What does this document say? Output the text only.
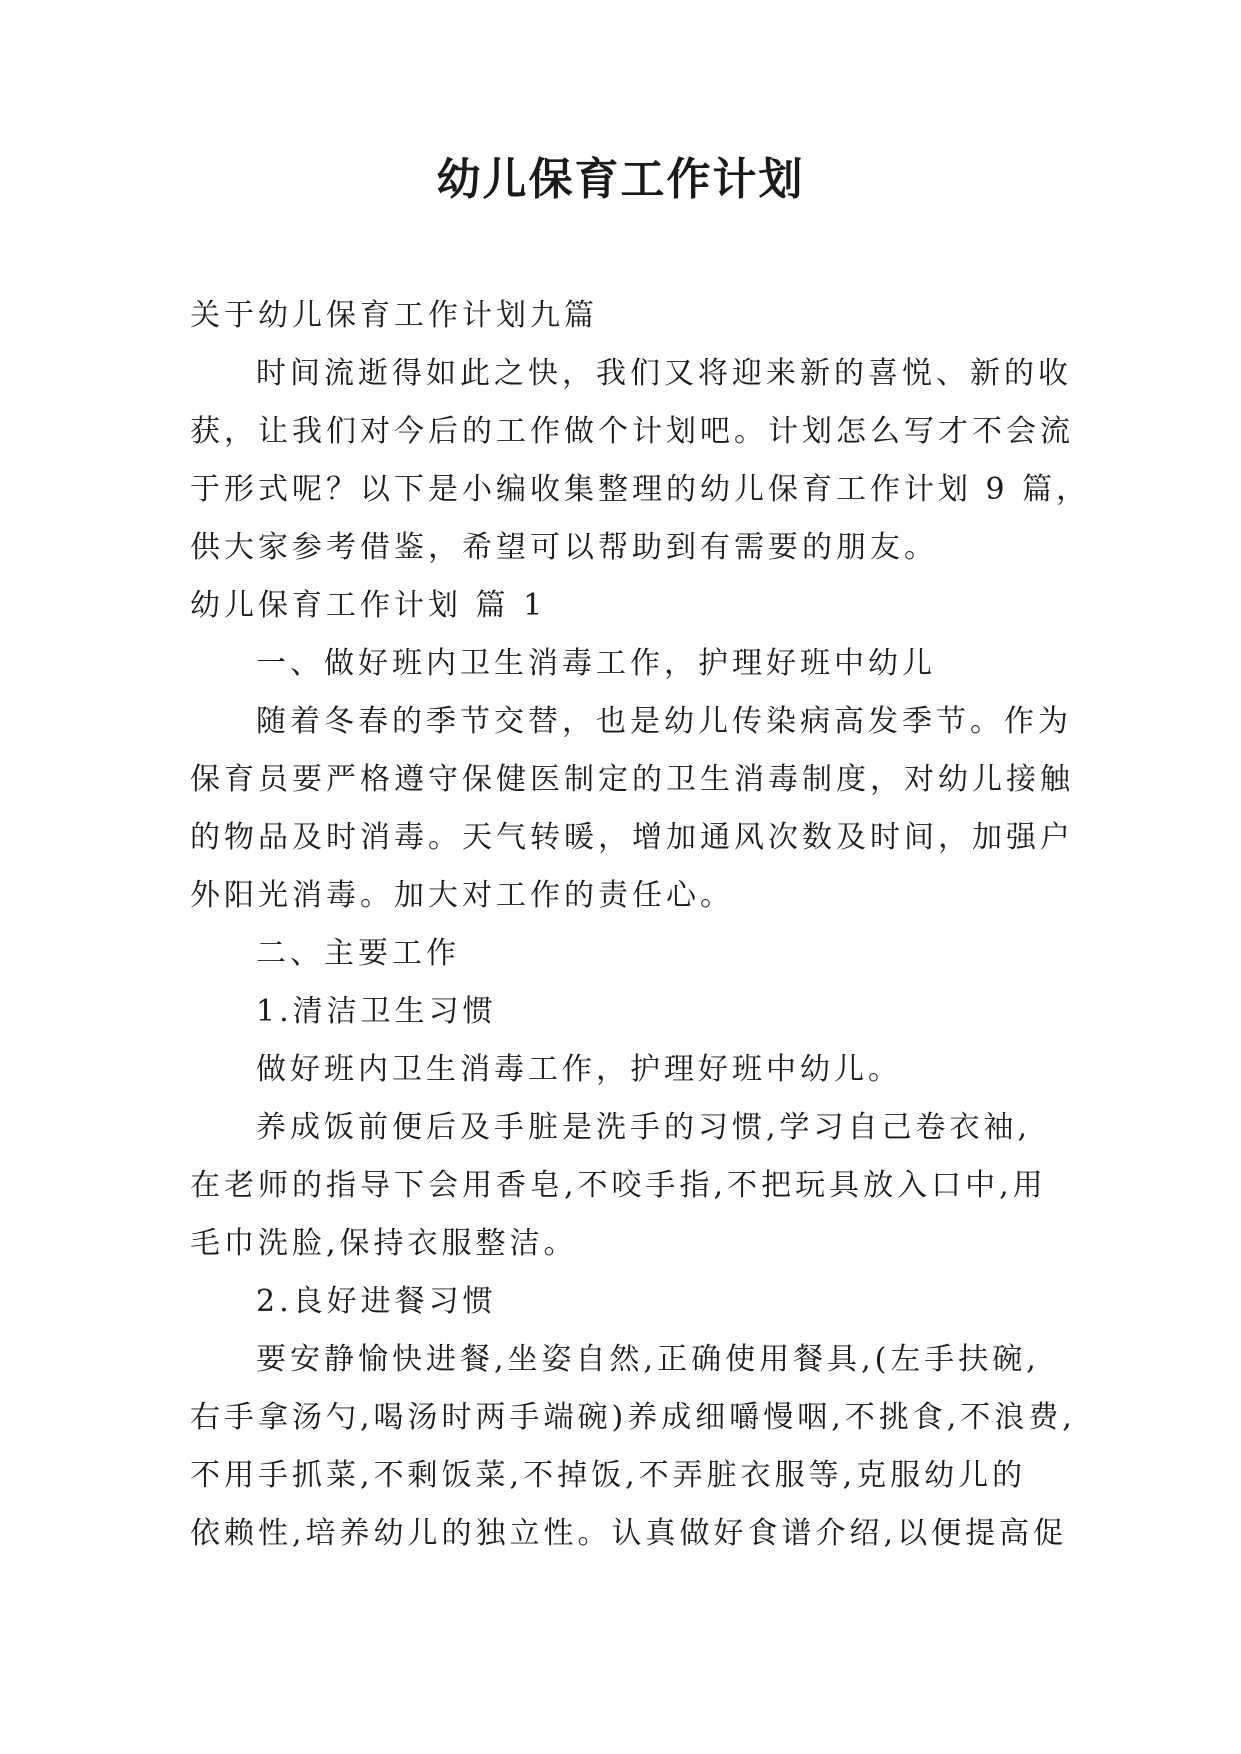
幼儿保育工作计划

关于幼儿保育工作计划九篇

时间流逝得如此之快，我们又将迎来新的喜悦、新的收

获，让我们对今后的工作做个计划吧。计划怎么写才不会流

于形式呢？以下是小编收集整理的幼儿保育工作计划 9 篇，

供大家参考借鉴，希望可以帮助到有需要的朋友。

幼儿保育工作计划 篇 1

一、做好班内卫生消毒工作，护理好班中幼儿

随着冬春的季节交替，也是幼儿传染病高发季节。作为

保育员要严格遵守保健医制定的卫生消毒制度，对幼儿接触

的物品及时消毒。天气转暖，增加通风次数及时间，加强户

外阳光消毒。加大对工作的责任心。

二、主要工作

1.清洁卫生习惯

做好班内卫生消毒工作，护理好班中幼儿。

养成饭前便后及手脏是洗手的习惯,学习自己卷衣袖,

在老师的指导下会用香皂,不咬手指,不把玩具放入口中,用

毛巾洗脸,保持衣服整洁。

2.良好进餐习惯

要安静愉快进餐,坐姿自然,正确使用餐具,(左手扶碗,

右手拿汤勺,喝汤时两手端碗)养成细嚼慢咽,不挑食,不浪费,

不用手抓菜,不剩饭菜,不掉饭,不弄脏衣服等,克服幼儿的

依赖性,培养幼儿的独立性。认真做好食谱介绍,以便提高促
